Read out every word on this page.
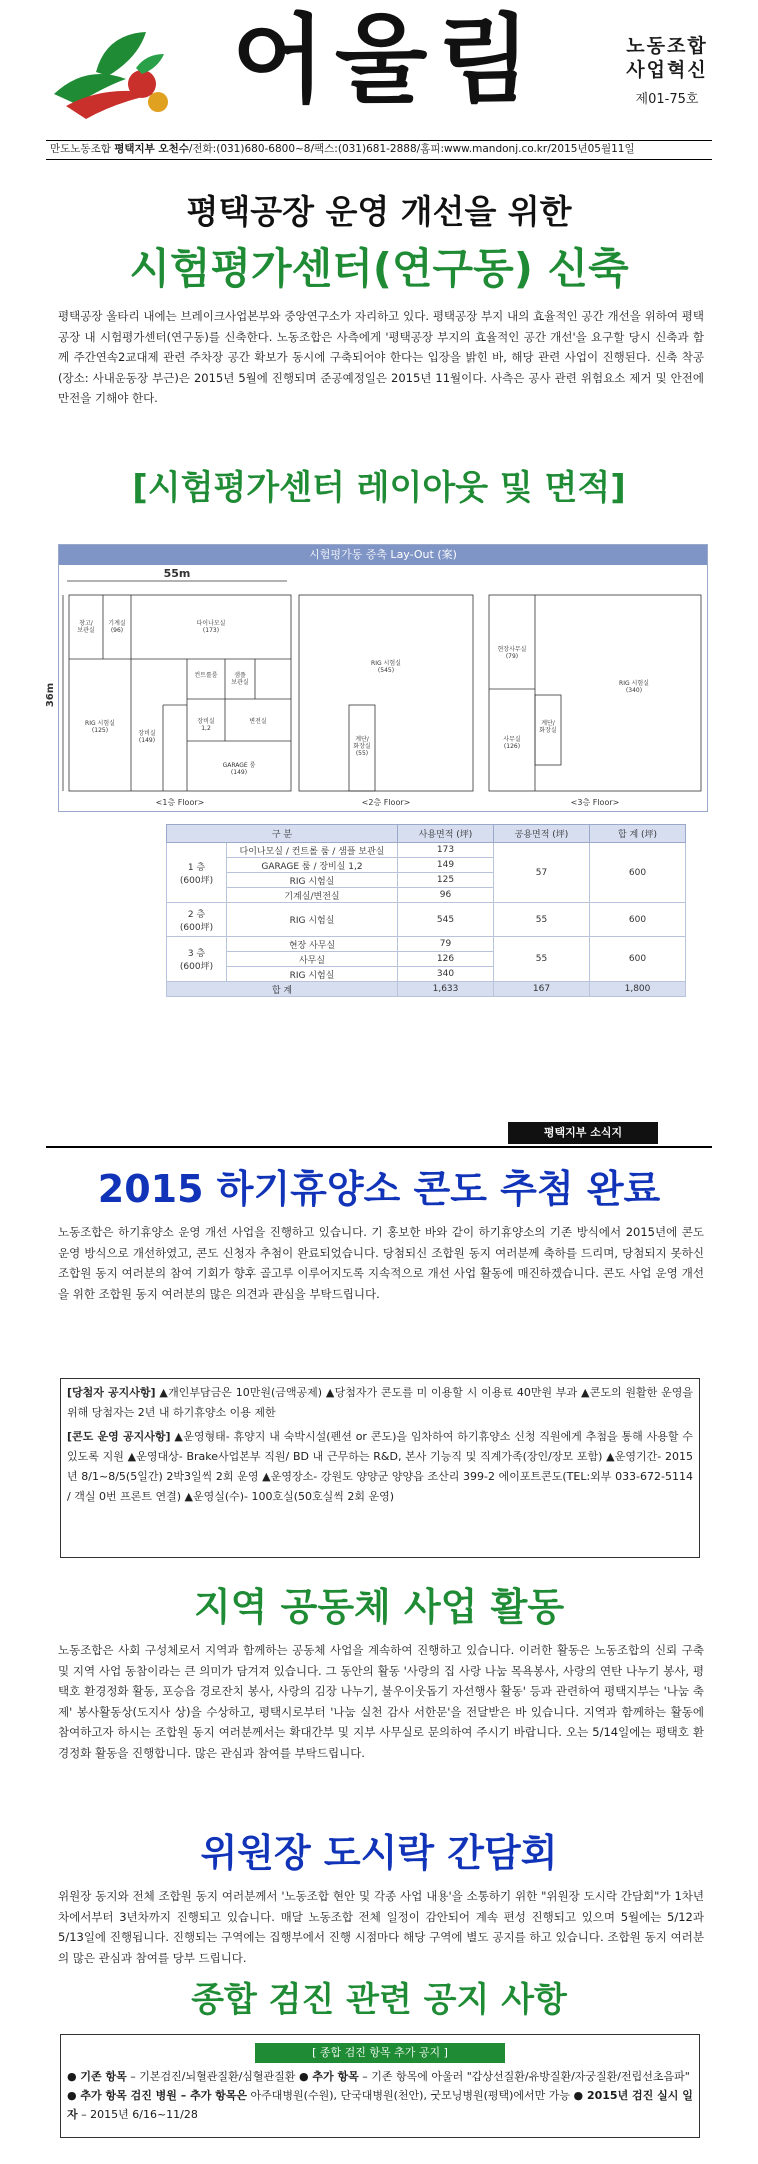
어울림	노동조합
사업혁신
제01-75호
만도노동조합 평택지부 오천수/전화:(031)680-6800~8/팩스:(031)681-2888/홈피:www.mandonj.co.kr/2015년05월11일
평택공장 운영 개선을 위한
시험평가센터(연구동) 신축
평택공장 울타리 내에는 브레이크사업본부와 중앙연구소가 자리하고 있다. 평택공장 부지 내의 효율적인 공간 개선을 위하여 평택공장 내 시험평가센터(연구동)를 신축한다. 노동조합은 사측에게 '평택공장 부지의 효율적인 공간 개선'을 요구할 당시 신축과 함께 주간연속2교대제 관련 주차장 공간 확보가 동시에 구축되어야 한다는 입장을 밝힌 바, 해당 관련 사업이 진행된다. 신축 착공(장소: 사내운동장 부근)은 2015년 5월에 진행되며 준공예정일은 2015년 11월이다. 사측은 공사 관련 위험요소 제거 및 안전에 만전을 기해야 한다.
[시험평가센터 레이아웃 및 면적]
시험평가동 증축 Lay-Out (案)
55m
36m
창고/ 보관실
기계실 (96)
다이나모실 (173)
컨트롤룸	샘플 보관실
RIG 시험실 (125)	장비실 (149)
장비실 1,2
GARAGE 룸 (149)
변전실
<1층 Floor>
RIG 시험실 (545)
계단/ 화장실 (55)
<2층 Floor>
현장사무실 (79)
사무실 (126)
계단/ 화장실
RIG 시험실 (340)
<3층 Floor>
구 분		사용면적 (坪)	공용면적 (坪)	합 계 (坪)
1 층
(600坪)	다이나모실 / 컨트롤 룸 / 샘플 보관실	173	57	600
	GARAGE 룸 / 장비실 1,2	149		
	RIG 시험실	125		
	기계실/변전실	96		
2 층
(600坪)	RIG 시험실	545	55	600
3 층
(600坪)	현장 사무실	79	55	600
	사무실	126		
	RIG 시험실	340		
합 계		1,633	167	1,800
평택지부 소식지
2015 하기휴양소 콘도 추첨 완료
노동조합은 하기휴양소 운영 개선 사업을 진행하고 있습니다. 기 홍보한 바와 같이 하기휴양소의 기존 방식에서 2015년에 콘도 운영 방식으로 개선하였고, 콘도 신청자 추첨이 완료되었습니다. 당첨되신 조합원 동지 여러분께 축하를 드리며, 당첨되지 못하신 조합원 동지 여러분의 참여 기회가 향후 골고루 이루어지도록 지속적으로 개선 사업 활동에 매진하겠습니다. 콘도 사업 운영 개선을 위한 조합원 동지 여러분의 많은 의견과 관심을 부탁드립니다.

[당첨자 공지사항] ▲개인부담금은 10만원(금액공제) ▲당첨자가 콘도를 미 이용할 시 이용료 40만원 부과 ▲콘도의 원활한 운영을 위해 당첨자는 2년 내 하기휴양소 이용 제한

[콘도 운영 공지사항] ▲운영형태- 휴양지 내 숙박시설(펜션 or 콘도)을 임차하여 하기휴양소 신청 직원에게 추첨을 통해 사용할 수 있도록 지원 ▲운영대상- Brake사업본부 직원/ BD 내 근무하는 R&D, 본사 기능직 및 직계가족(장인/장모 포함) ▲운영기간- 2015년 8/1~8/5(5일간) 2박3일씩 2회 운영 ▲운영장소- 강원도 양양군 양양읍 조산리 399-2 에이포트콘도(TEL:외부 033-672-5114 / 객실 0번 프론트 연결) ▲운영실(수)- 100호실(50호실씩 2회 운영)

지역 공동체 사업 활동
노동조합은 사회 구성체로서 지역과 함께하는 공동체 사업을 계속하여 진행하고 있습니다. 이러한 활동은 노동조합의 신뢰 구축 및 지역 사업 동참이라는 큰 의미가 담겨져 있습니다. 그 동안의 활동 '사랑의 집 사랑 나눔 목욕봉사, 사랑의 연탄 나누기 봉사, 평택호 환경정화 활동, 포승읍 경로잔치 봉사, 사랑의 김장 나누기, 불우이웃돕기 자선행사 활동' 등과 관련하여 평택지부는 '나눔 축제' 봉사활동상(도지사 상)을 수상하고, 평택시로부터 '나눔 실천 감사 서한문'을 전달받은 바 있습니다. 지역과 함께하는 활동에 참여하고자 하시는 조합원 동지 여러분께서는 확대간부 및 지부 사무실로 문의하여 주시기 바랍니다. 오는 5/14일에는 평택호 환경정화 활동을 진행합니다. 많은 관심과 참여를 부탁드립니다.
위원장 도시락 간담회
위원장 동지와 전체 조합원 동지 여러분께서 '노동조합 현안 및 각종 사업 내용'을 소통하기 위한 "위원장 도시락 간담회"가 1차년차에서부터 3년차까지 진행되고 있습니다. 매달 노동조합 전체 일정이 감안되어 계속 편성 진행되고 있으며 5월에는 5/12과 5/13일에 진행됩니다. 진행되는 구역에는 집행부에서 진행 시점마다 해당 구역에 별도 공지를 하고 있습니다. 조합원 동지 여러분의 많은 관심과 참여를 당부 드립니다.
종합 검진 관련 공지 사항
[ 종합 검진 항목 추가 공지 ]
● 기존 항목 – 기본검진/뇌혈관질환/심혈관질환 ● 추가 항목 – 기존 항목에 아울러 "갑상선질환/유방질환/자궁질환/전립선초음파" ● 추가 항목 검진 병원 – 추가 항목은 아주대병원(수원), 단국대병원(천안), 굿모닝병원(평택)에서만 가능 ● 2015년 검진 실시 일자 – 2015년 6/16~11/28
